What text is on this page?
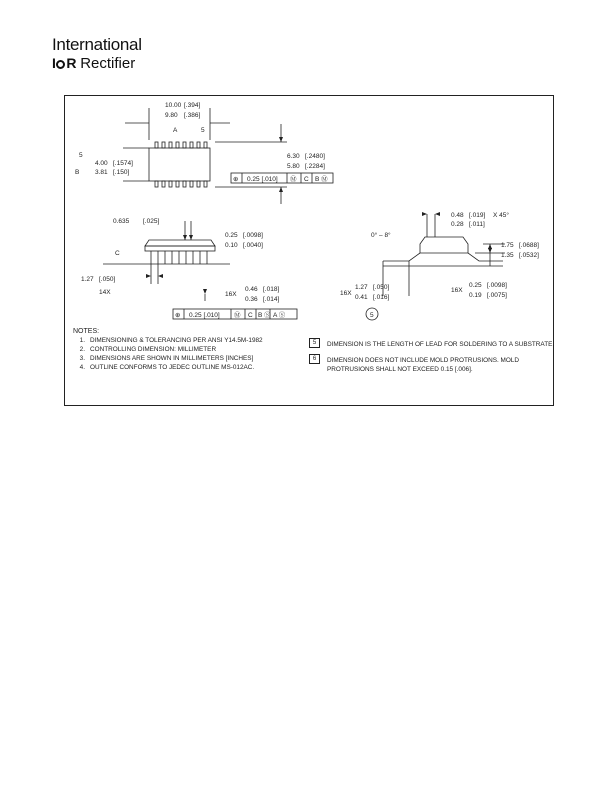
International
I R Rectifier
10.00 [.394]
9.80 [.386]
A	5
5
4.00 [.1574]
B 3.81 [.150]
6.30 [.2480]
5.80 [.2284]
⊕ 0.25 [.010] Ⓜ C B Ⓜ
0.635 [.025]
C
0.25 [.0098]
0.10 [.0040]
1.27 [.050]
14X	16X
0.46 [.018]
0.36 [.014]
⊕ 0.25 [.010] Ⓜ C B Ⓢ A Ⓢ
0° – 8°
0.48 [.019]
0.28 [.011]
X 45°
1.75 [.0688]
1.35 [.0532]
1.27 [.050]
0.41 [.016]
16X	16X
0.25 [.0098]
0.19 [.0075]
5
NOTES:
1. DIMENSIONING & TOLERANCING PER ANSI Y14.5M-1982
2. CONTROLLING DIMENSION: MILLIMETER
3. DIMENSIONS ARE SHOWN IN MILLIMETERS [INCHES]
4. OUTLINE CONFORMS TO JEDEC OUTLINE MS-012AC.
5	DIMENSION IS THE LENGTH OF LEAD FOR SOLDERING TO A SUBSTRATE.
6	DIMENSION DOES NOT INCLUDE MOLD PROTRUSIONS. MOLD
PROTRUSIONS SHALL NOT EXCEED 0.15 [.006].
